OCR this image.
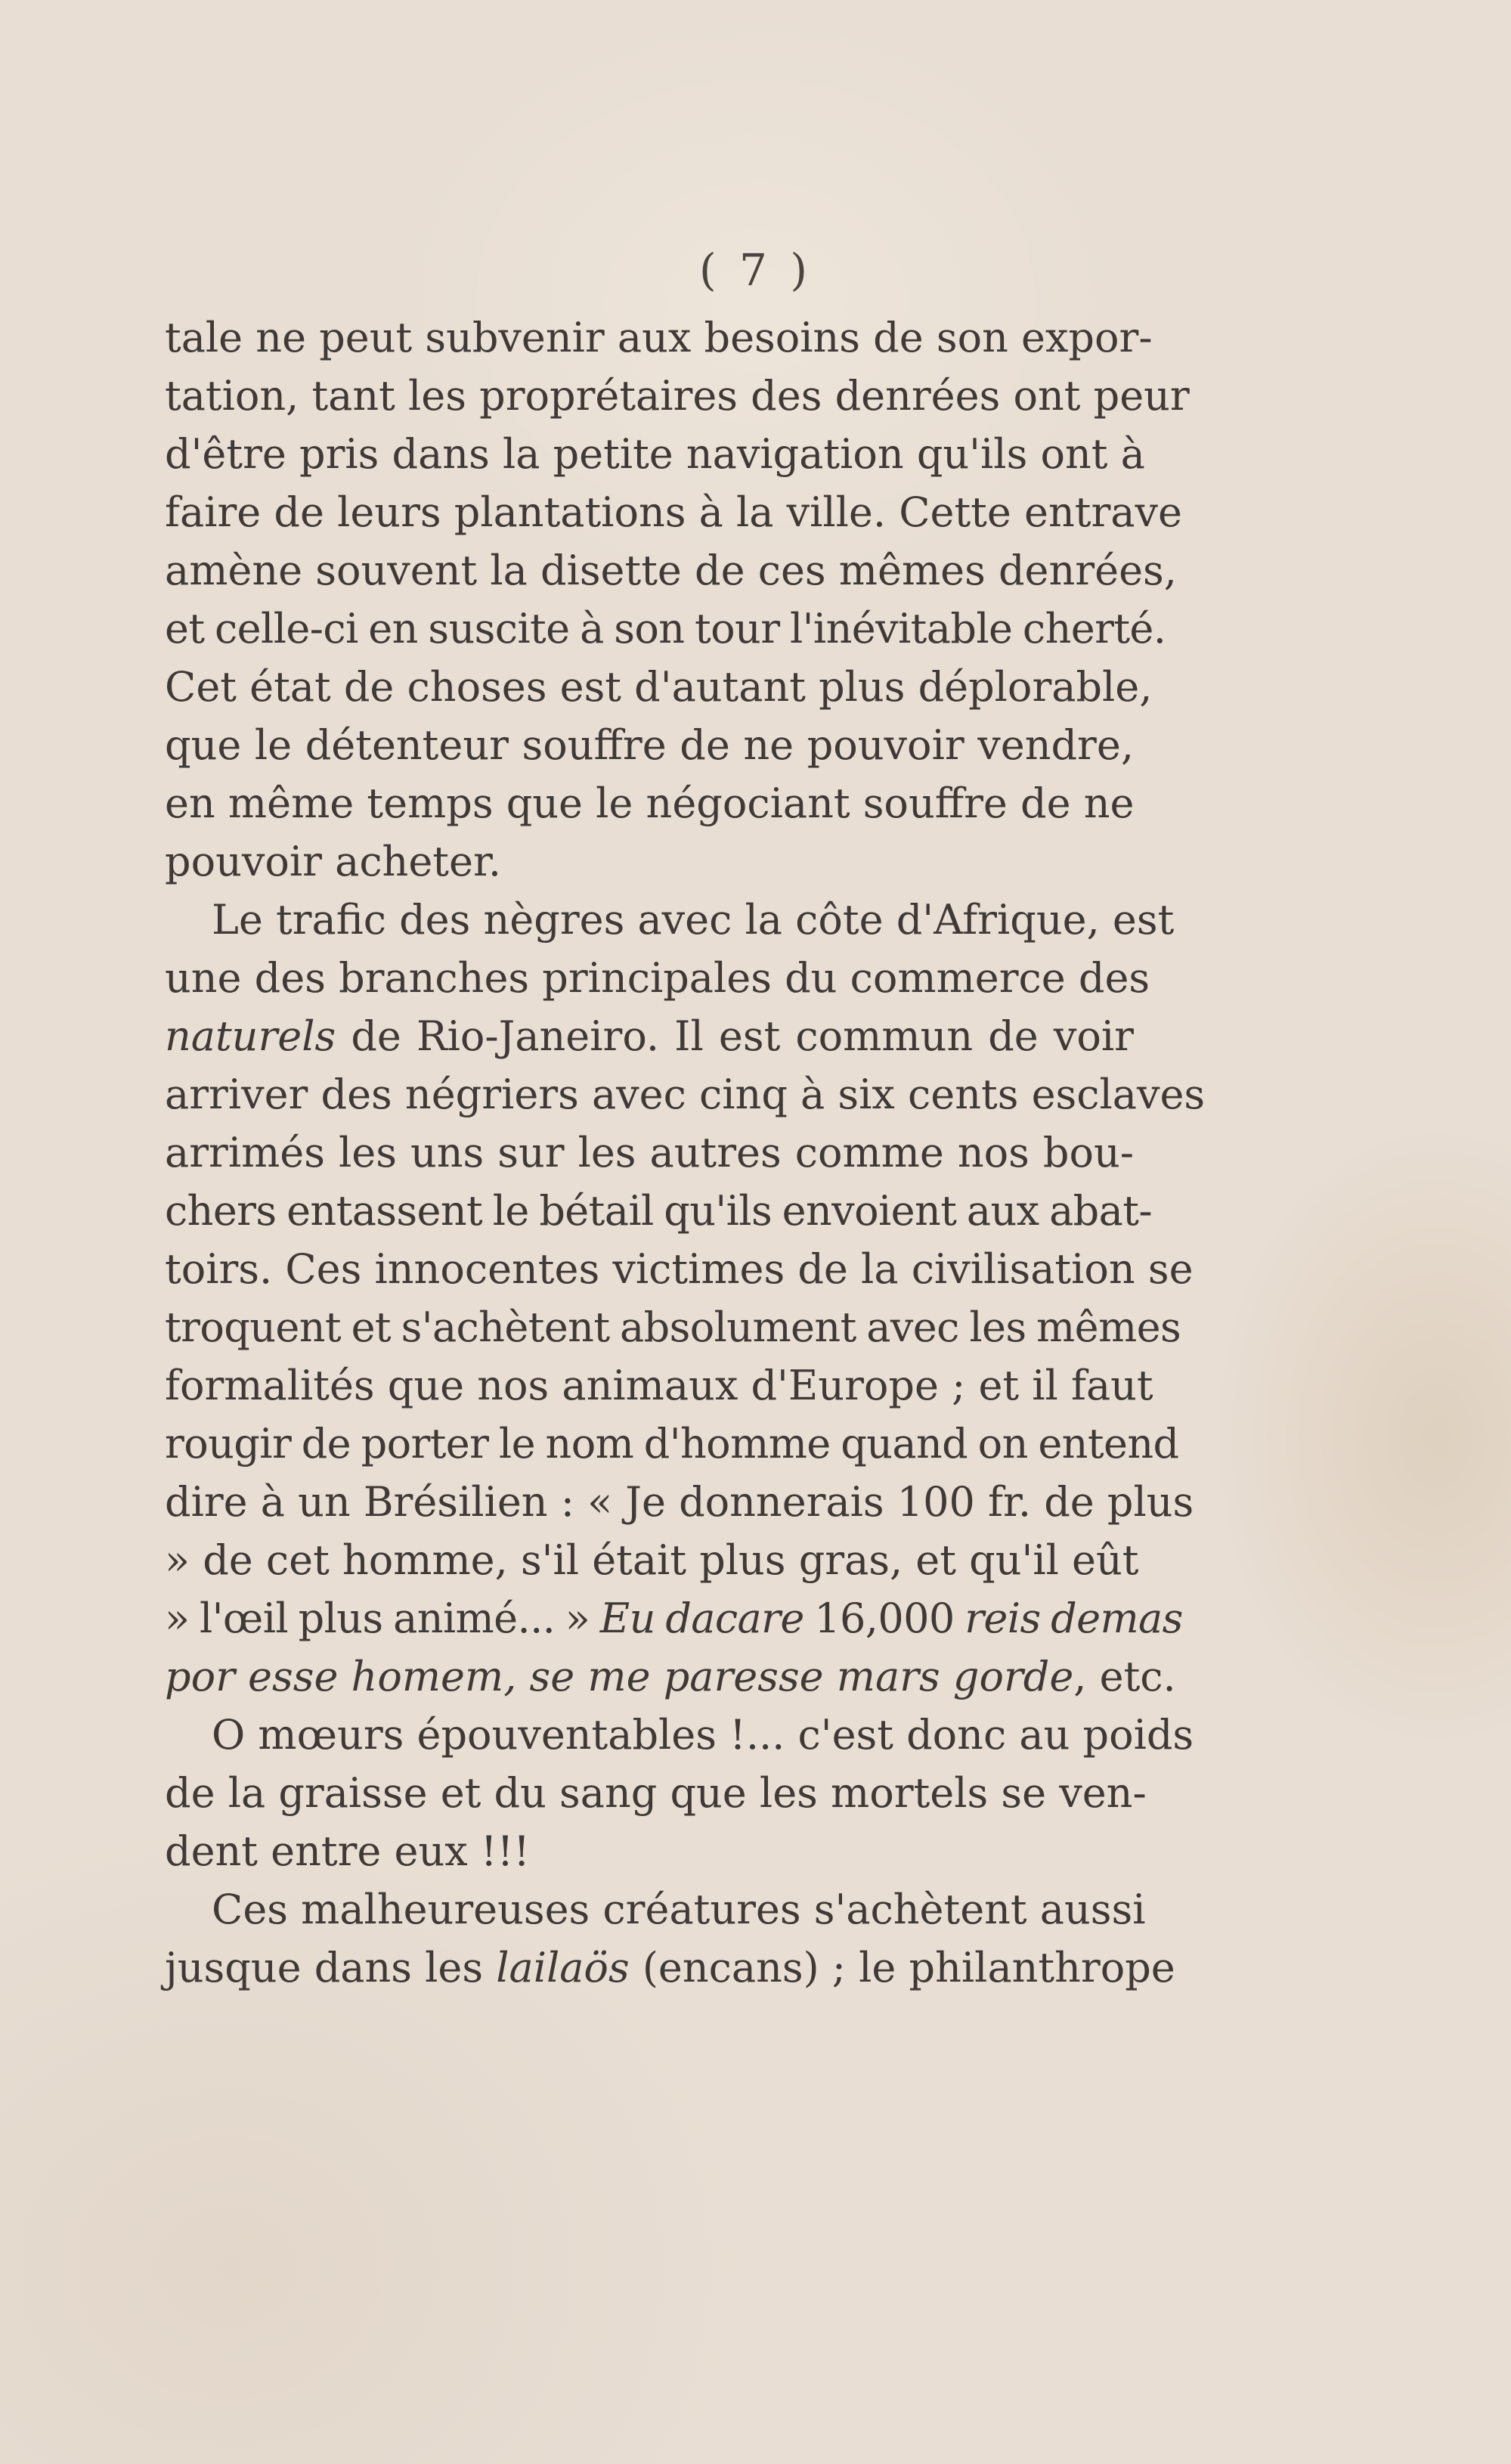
( 7 )
tale ne peut subvenir aux besoins de son expor-
tation, tant les proprétaires des denrées ont peur
d'être pris dans la petite navigation qu'ils ont à
faire de leurs plantations à la ville. Cette entrave
amène souvent la disette de ces mêmes denrées,
et celle-ci en suscite à son tour l'inévitable cherté.
Cet état de choses est d'autant plus déplorable,
que le détenteur souffre de ne pouvoir vendre,
en même temps que le négociant souffre de ne
pouvoir acheter.
Le trafic des nègres avec la côte d'Afrique, est
une des branches principales du commerce des
naturels de Rio-Janeiro. Il est commun de voir
arriver des négriers avec cinq à six cents esclaves
arrimés les uns sur les autres comme nos bou-
chers entassent le bétail qu'ils envoient aux abat-
toirs. Ces innocentes victimes de la civilisation se
troquent et s'achètent absolument avec les mêmes
formalités que nos animaux d'Europe ; et il faut
rougir de porter le nom d'homme quand on entend
dire à un Brésilien : « Je donnerais 100 fr. de plus
» de cet homme, s'il était plus gras, et qu'il eût
» l'œil plus animé... » Eu dacare 16,000 reis demas
por esse homem, se me paresse mars gorde, etc.
O mœurs épouventables !... c'est donc au poids
de la graisse et du sang que les mortels se ven-
dent entre eux !!!
Ces malheureuses créatures s'achètent aussi
jusque dans les lailaös (encans) ; le philanthrope
